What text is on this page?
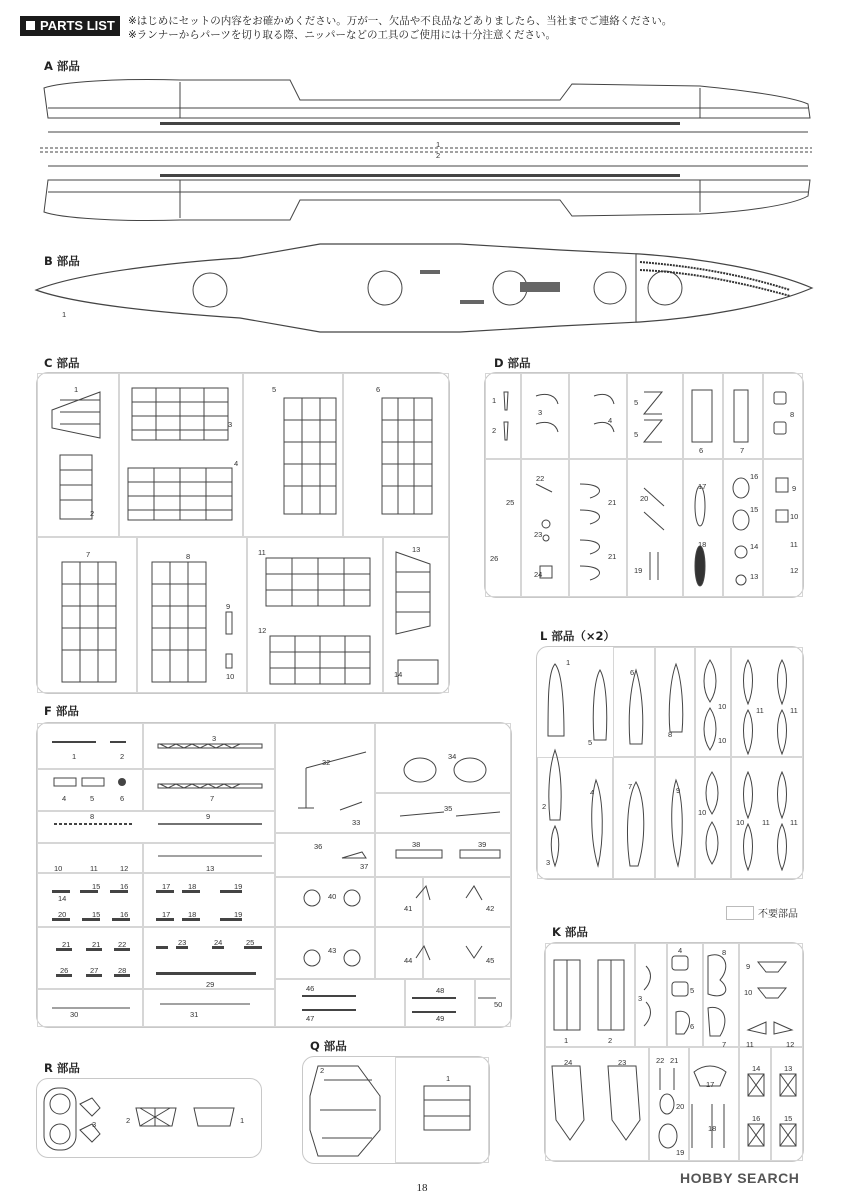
PARTS LIST	※はじめにセットの内容をお確かめください。万が一、欠品や不良品などありましたら、当社までご連絡ください。
※ランナーからパーツを切り取る際、ニッパーなどの工具のご使用には十分注意ください。
A 部品
1
2
B 部品
1
C 部品
1
2
3
4
5	6
7	8
9
10
11
12
13
14
D 部品
1
2
3
4
5
5
6	7
8
9
10
11
12
13
14
15
16
17
18
19
20
21
21
22
23
24
25
26
L 部品（×2）
1
2
3
4
5
6
7
8
9
10
10
10
10
11	11
11	11
F 部品
1	2
3
4	5	6	7
8	9
10	11	12	13
14
15
15
16
16
17
17
18
18
19
19
20
21	21 22	23	24	25
26	27	28
29
30	31
32
33
34
35
36
37
38	39
40
41	42
43
44	45
46
47
48
49
50
不要部品
K 部品
1	2
3
4
5
6
7
8
9
10
11	12
13
14
15
16
17
18
19
20
21
22
23
24
R 部品
3	2	1
Q 部品
2
1
18
HOBBY SEARCH
